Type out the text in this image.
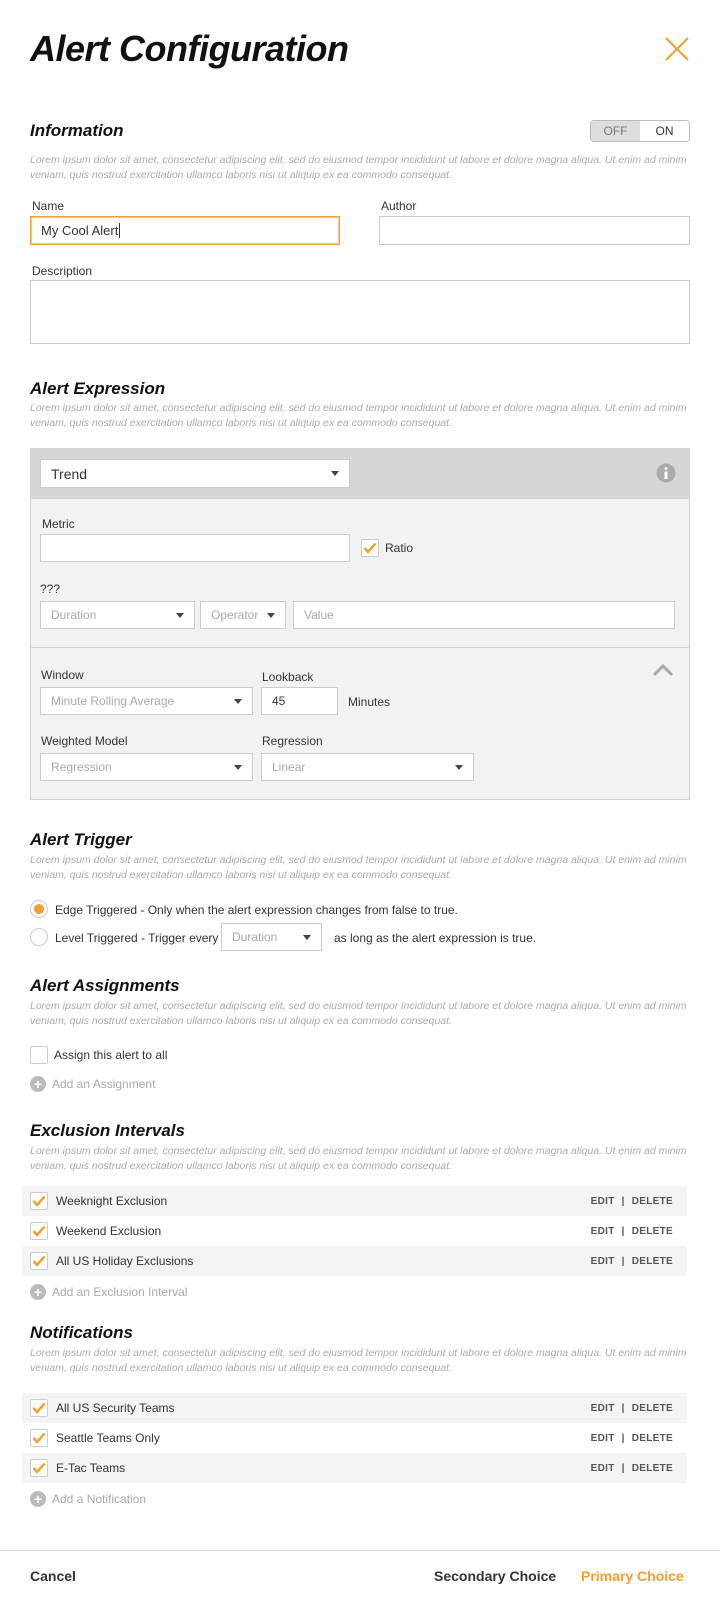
Alert Configuration
Information	OFF	ON
Lorem ipsum dolor sit amet, consectetur adipiscing elit, sed do eiusmod tempor incididunt ut labore et dolore magna aliqua. Ut enim ad minim veniam, quis nostrud exercitation ullamco laboris nisi ut aliquip ex ea commodo consequat.
Name
My Cool Alert
Author
Description
Alert Expression
Lorem ipsum dolor sit amet, consectetur adipiscing elit, sed do eiusmod tempor incididunt ut labore et dolore magna aliqua. Ut enim ad minim veniam, quis nostrud exercitation ullamco laboris nisi ut aliquip ex ea commodo consequat.
Trend
Metric
Ratio
???
Duration	Operator	Value
Window
Minute Rolling Average
Lookback
45	Minutes
Weighted Model
Regression
Regression
Linear
Alert Trigger
Lorem ipsum dolor sit amet, consectetur adipiscing elit, sed do eiusmod tempor incididunt ut labore et dolore magna aliqua. Ut enim ad minim veniam, quis nostrud exercitation ullamco laboris nisi ut aliquip ex ea commodo consequat.
Edge Triggered - Only when the alert expression changes from false to true.
Level Triggered - Trigger every Duration	as long as the alert expression is true.
Alert Assignments
Lorem ipsum dolor sit amet, consectetur adipiscing elit, sed do eiusmod tempor incididunt ut labore et dolore magna aliqua. Ut enim ad minim veniam, quis nostrud exercitation ullamco laboris nisi ut aliquip ex ea commodo consequat.
Assign this alert to all
+ Add an Assignment
Exclusion Intervals
Lorem ipsum dolor sit amet, consectetur adipiscing elit, sed do eiusmod tempor incididunt ut labore et dolore magna aliqua. Ut enim ad minim veniam, quis nostrud exercitation ullamco laboris nisi ut aliquip ex ea commodo consequat.
Weeknight Exclusion	EDIT | DELETE
Weekend Exclusion	EDIT | DELETE
All US Holiday Exclusions	EDIT | DELETE
+ Add an Exclusion Interval
Notifications
Lorem ipsum dolor sit amet, consectetur adipiscing elit, sed do eiusmod tempor incididunt ut labore et dolore magna aliqua. Ut enim ad minim veniam, quis nostrud exercitation ullamco laboris nisi ut aliquip ex ea commodo consequat.
All US Security Teams	EDIT | DELETE
Seattle Teams Only	EDIT | DELETE
E-Tac Teams	EDIT | DELETE
+ Add a Notification
Cancel	Secondary Choice Primary Choice
